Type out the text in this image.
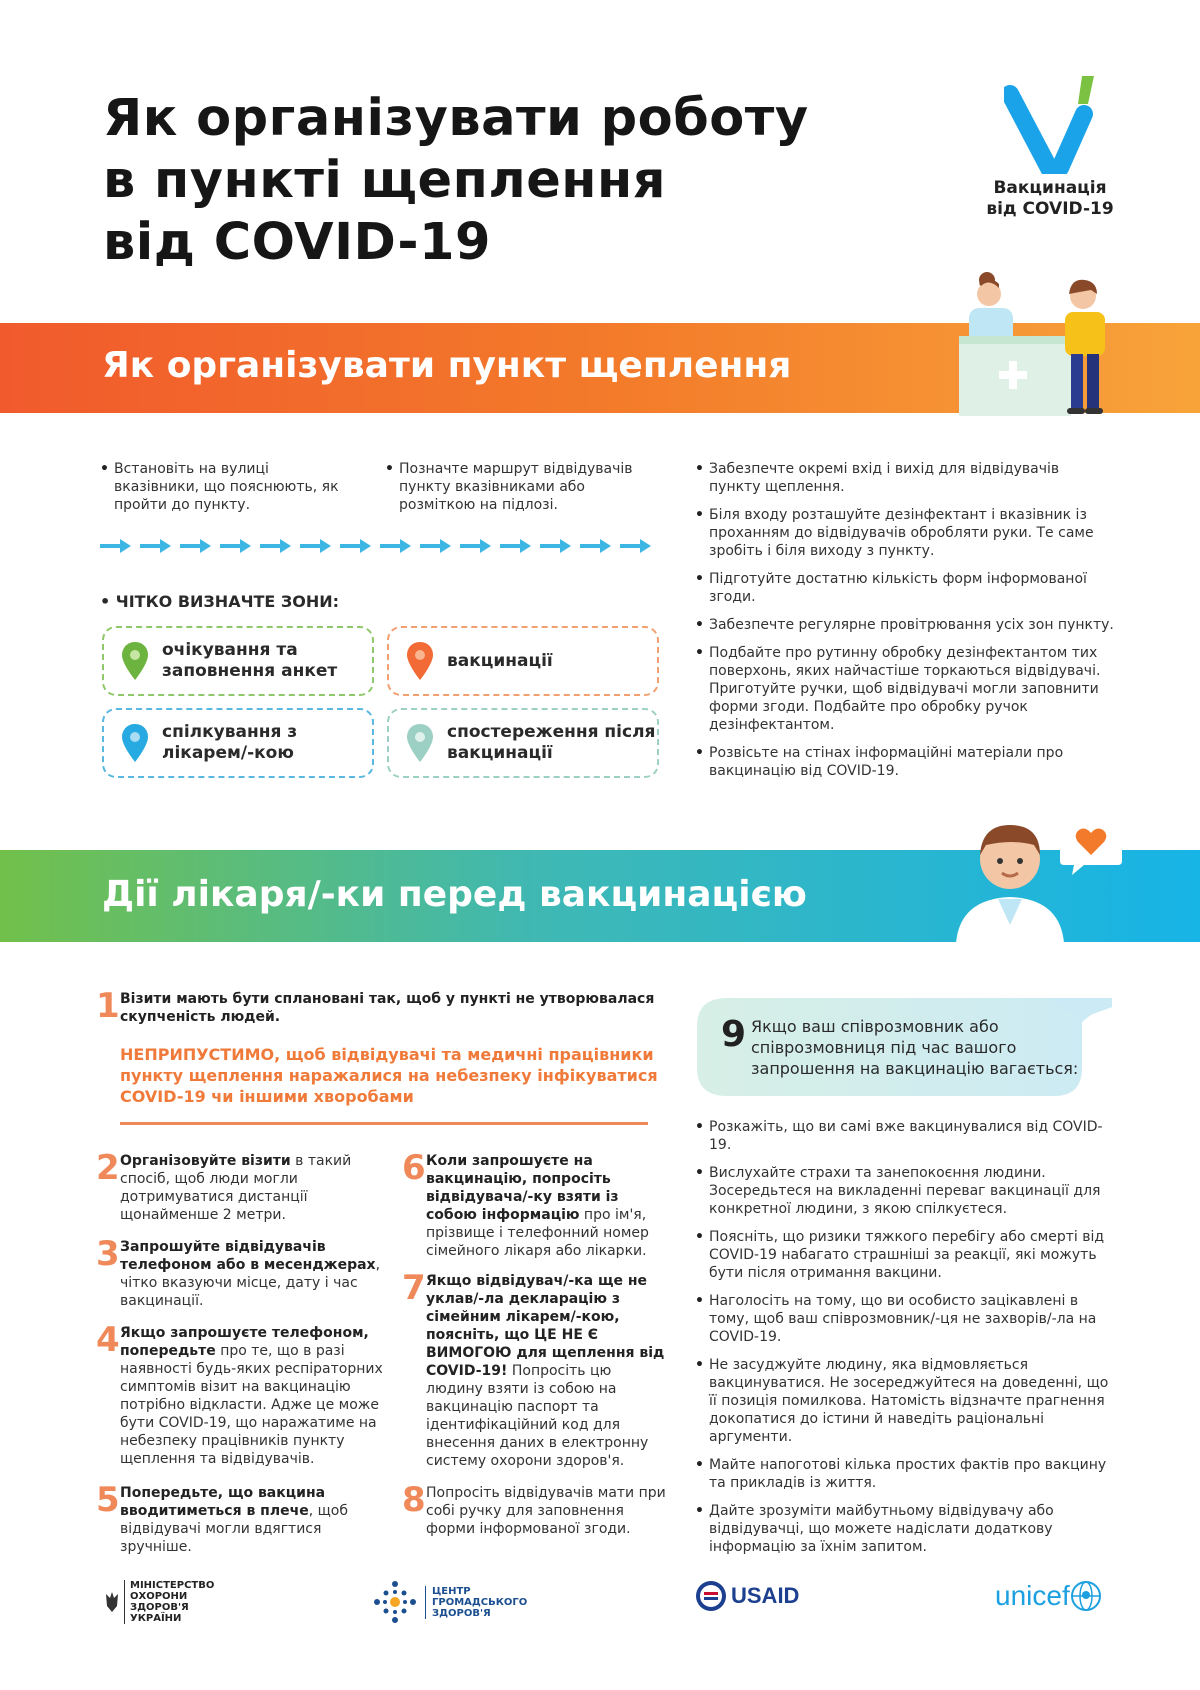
Як організувати роботу
в пункті щеплення
від COVID-19
Вакцинація
від COVID-19
Як організувати пункт щеплення
• Встановіть на вулиці вказівники, що пояснюють, як пройти до пункту.
• Позначте маршрут відвідувачів пункту вказівниками або розміткою на підлозі.
• ЧІТКО ВИЗНАЧТЕ ЗОНИ:
очікування та заповнення анкет
вакцинації
спілкування з лікарем/-кою
спостереження після вакцинації
• Забезпечте окремі вхід і вихід для відвідувачів пункту щеплення.
• Біля входу розташуйте дезінфектант і вказівник із проханням до відвідувачів обробляти руки. Те саме зробіть і біля виходу з пункту.
• Підготуйте достатню кількість форм інформованої згоди.
• Забезпечте регулярне провітрювання усіх зон пункту.
• Подбайте про рутинну обробку дезінфектантом тих поверхонь, яких найчастіше торкаються відвідувачі. Приготуйте ручки, щоб відвідувачі могли заповнити форми згоди. Подбайте про обробку ручок дезінфектантом.
• Розвісьте на стінах інформаційні матеріали про вакцинацію від COVID-19.
Дії лікаря/-ки перед вакцинацією
1 Візити мають бути сплановані так, щоб у пункті не утворювалася скупченість людей.
НЕПРИПУСТИМО, щоб відвідувачі та медичні працівники пункту щеплення наражалися на небезпеку інфікуватися COVID-19 чи іншими хворобами
2 Організовуйте візити в такий спосіб, щоб люди могли дотримуватися дистанції щонайменше 2 метри.
3 Запрошуйте відвідувачів телефоном або в месенджерах, чітко вказуючи місце, дату і час вакцинації.
4 Якщо запрошуєте телефоном, попередьте про те, що в разі наявності будь-яких респіраторних симптомів візит на вакцинацію потрібно відкласти. Адже це може бути COVID-19, що наражатиме на небезпеку працівників пункту щеплення та відвідувачів.
5 Попередьте, що вакцина вводитиметься в плече, щоб відвідувачі могли вдягтися зручніше.
6 Коли запрошуєте на вакцинацію, попросіть відвідувача/-ку взяти із собою інформацію про ім'я, прізвище і телефонний номер сімейного лікаря або лікарки.
7 Якщо відвідувач/-ка ще не уклав/-ла декларацію з сімейним лікарем/-кою, поясніть, що ЦЕ НЕ Є ВИМОГОЮ для щеплення від COVID-19! Попросіть цю людину взяти із собою на вакцинацію паспорт та ідентифікаційний код для внесення даних в електронну систему охорони здоров'я.
8 Попросіть відвідувачів мати при собі ручку для заповнення форми інформованої згоди.
9 Якщо ваш співрозмовник або співрозмовниця під час вашого запрошення на вакцинацію вагається:
• Розкажіть, що ви самі вже вакцинувалися від COVID-19.
• Вислухайте страхи та занепокоєння людини. Зосередьтеся на викладенні переваг вакцинації для конкретної людини, з якою спілкуєтеся.
• Поясніть, що ризики тяжкого перебігу або смерті від COVID-19 набагато страшніші за реакції, які можуть бути після отримання вакцини.
• Наголосіть на тому, що ви особисто зацікавлені в тому, щоб ваш співрозмовник/-ця не захворів/-ла на COVID-19.
• Не засуджуйте людину, яка відмовляється вакцинуватися. Не зосереджуйтеся на доведенні, що її позиція помилкова. Натомість відзначте прагнення докопатися до істини й наведіть раціональні аргументи.
• Майте напоготові кілька простих фактів про вакцину та прикладів із життя.
• Дайте зрозуміти майбутньому відвідувачу або відвідувачці, що можете надіслати додаткову інформацію за їхнім запитом.
МІНІСТЕРСТВО
ОХОРОНИ
ЗДОРОВ'Я
УКРАЇНИ
ЦЕНТР
ГРОМАДСЬКОГО
ЗДОРОВ'Я
USAID	unicef
